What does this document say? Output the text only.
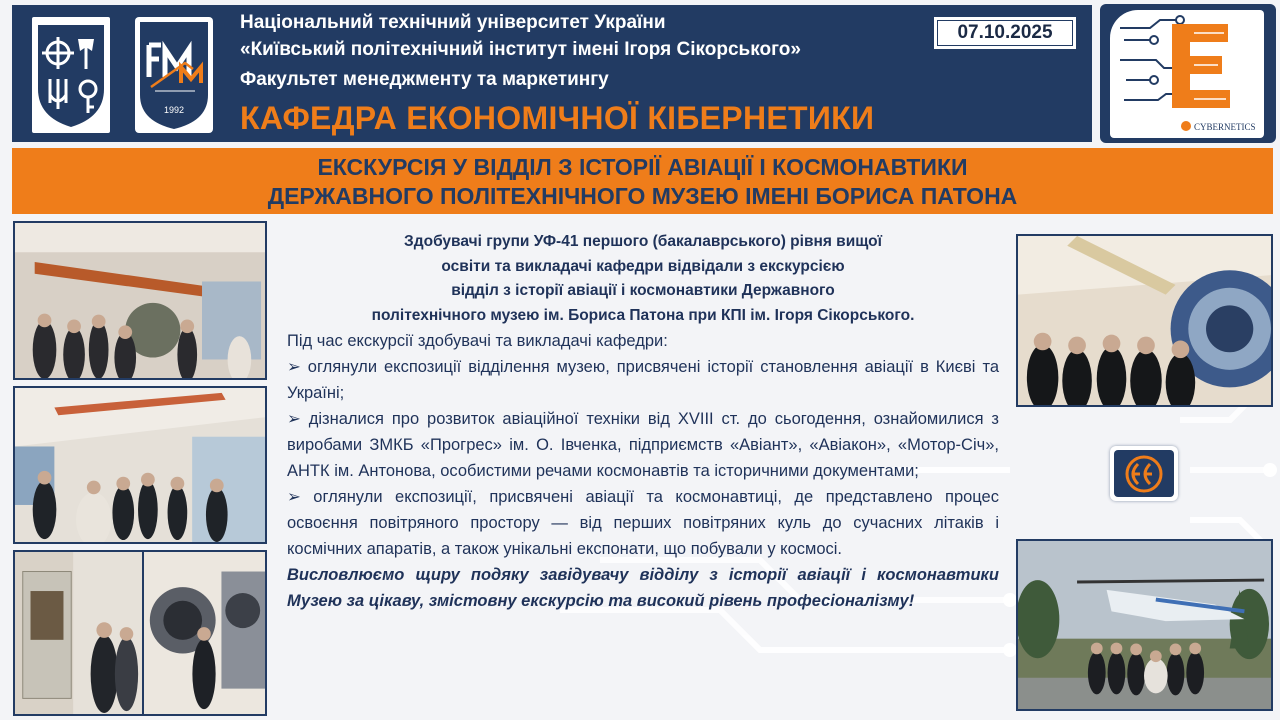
1992
Національний технічний університет України
«Київський політехнічний інститут імені Ігоря Сікорського»
Факультет менеджменту та маркетингу
КАФЕДРА ЕКОНОМІЧНОЇ КІБЕРНЕТИКИ
07.10.2025
CYBERNETICS
ЕКСКУРСІЯ У ВІДДІЛ З ІСТОРІЇ АВІАЦІЇ І КОСМОНАВТИКИ
ДЕРЖАВНОГО ПОЛІТЕХНІЧНОГО МУЗЕЮ ІМЕНІ БОРИСА ПАТОНА
Здобувачі групи УФ-41 першого (бакалаврського) рівня вищої
освіти та викладачі кафедри відвідали з екскурсією
відділ з історії авіації і космонавтики Державного
політехнічного музею ім. Бориса Патона при КПІ ім. Ігоря Сікорського.
Під час екскурсії здобувачі та викладачі кафедри:
➢ оглянули експозиції відділення музею, присвячені історії становлення авіації в Києві та Україні;
➢ дізналися про розвиток авіаційної техніки від XVIII ст. до сьогодення, ознайомилися з виробами ЗМКБ «Прогрес» ім. О. Івченка, підприємств «Авіант», «Авіакон», «Мотор-Січ», АНТК ім. Антонова, особистими речами космонавтів та історичними документами;
➢ оглянули експозиції, присвячені авіації та космонавтиці, де представлено процес освоєння повітряного простору — від перших повітряних куль до сучасних літаків і космічних апаратів, а також унікальні експонати, що побували у космосі.
Висловлюємо щиру подяку завідувачу відділу з історії авіації і космонавтики Музею за цікаву, змістовну екскурсію та високий рівень професіоналізму!
